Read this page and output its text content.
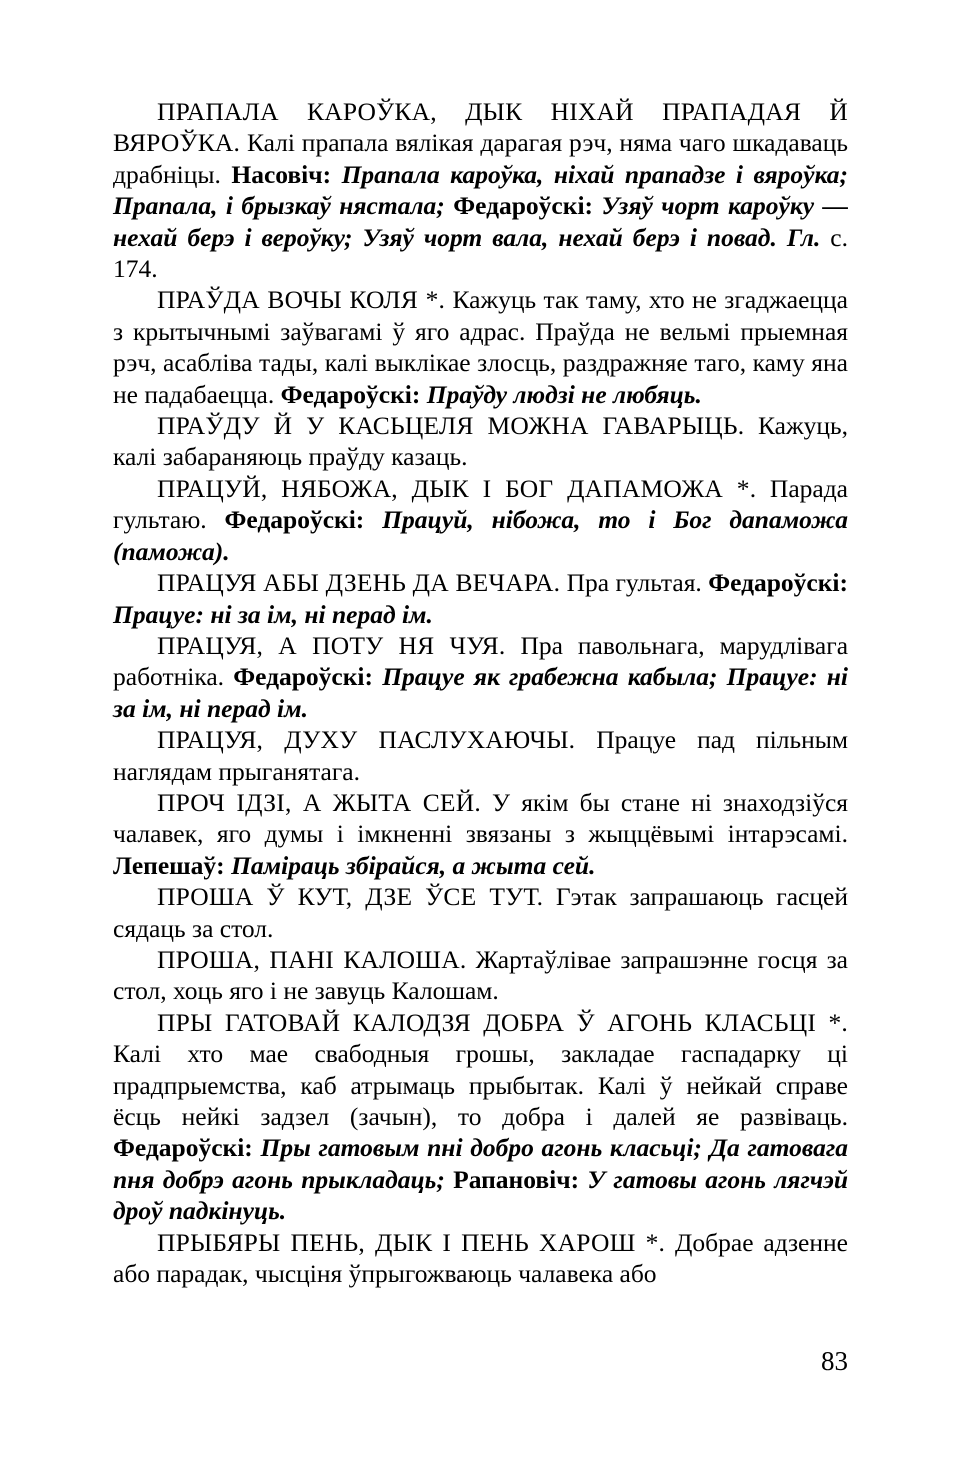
ПРАПАЛА КАРОЎКА, ДЫК НІХАЙ ПРАПАДАЯ Й ВЯРОЎКА. Калі прапала вялікая дарагая рэч, няма чаго шкадаваць драбніцы. Насовіч: Прапала кароўка, ніхай прападзе і вяроўка; Прапала, і брызкаў нястала; Федароўскі: Узяў чорт кароўку — нехай берэ і вероўку; Узяў чорт вала, нехай берэ і повад. Гл. с. 174.

ПРАЎДА ВОЧЫ КОЛЯ *. Кажуць так таму, хто не згаджаецца з крытычнымі заўвагамі ў яго адрас. Праўда не вельмі прыемная рэч, асабліва тады, калі выклікае злосць, раздражняе таго, каму яна не падабаецца. Федароўскі: Праўду людзі не любяць.

ПРАЎДУ Й У КАСЬЦЕЛЯ МОЖНА ГАВАРЫЦЬ. Кажуць, калі забараняюць праўду казаць.

ПРАЦУЙ, НЯБОЖА, ДЫК І БОГ ДАПАМОЖА *. Парада гультаю. Федароўскі: Працуй, нібожа, то і Бог дапаможа (паможа).

ПРАЦУЯ АБЫ ДЗЕНЬ ДА ВЕЧАРА. Пра гультая. Федароўскі: Працуе: ні за ім, ні перад ім.

ПРАЦУЯ, А ПОТУ НЯ ЧУЯ. Пра павольнага, марудлівага работніка. Федароўскі: Працуе як грабежна кабыла; Працуе: ні за ім, ні перад ім.

ПРАЦУЯ, ДУХУ ПАСЛУХАЮЧЫ. Працуе пад пільным наглядам прыганятага.

ПРОЧ ІДЗІ, А ЖЫТА СЕЙ. У якім бы стане ні знаходзіўся чалавек, яго думы і імкненні звязаны з жыццёвымі інтарэсамі. Лепешаў: Паміраць збірайся, а жыта сей.

ПРОША Ў КУТ, ДЗЕ ЎСЕ ТУТ. Гэтак запрашаюць гасцей сядаць за стол.

ПРОША, ПАНІ КАЛОША. Жартаўлівае запрашэнне госця за стол, хоць яго і не завуць Калошам.

ПРЫ ГАТОВАЙ КАЛОДЗЯ ДОБРА Ў АГОНЬ КЛАСЬЦІ *. Калі хто мае свабодныя грошы, закладае гаспадарку ці прадпрыемства, каб атрымаць прыбытак. Калі ў нейкай справе ёсць нейкі задзел (зачын), то добра і далей яе развіваць. Федароўскі: Пры гатовым пні добро агонь класьці; Да гатовага пня добрэ агонь прыкладаць; Рапановіч: У гатовы агонь лягчэй дроў падкінуць.

ПРЫБЯРЫ ПЕНЬ, ДЫК І ПЕНЬ ХАРОШ *. Добрае адзенне або парадак, чысціня ўпрыгожваюць чалавека або

83
